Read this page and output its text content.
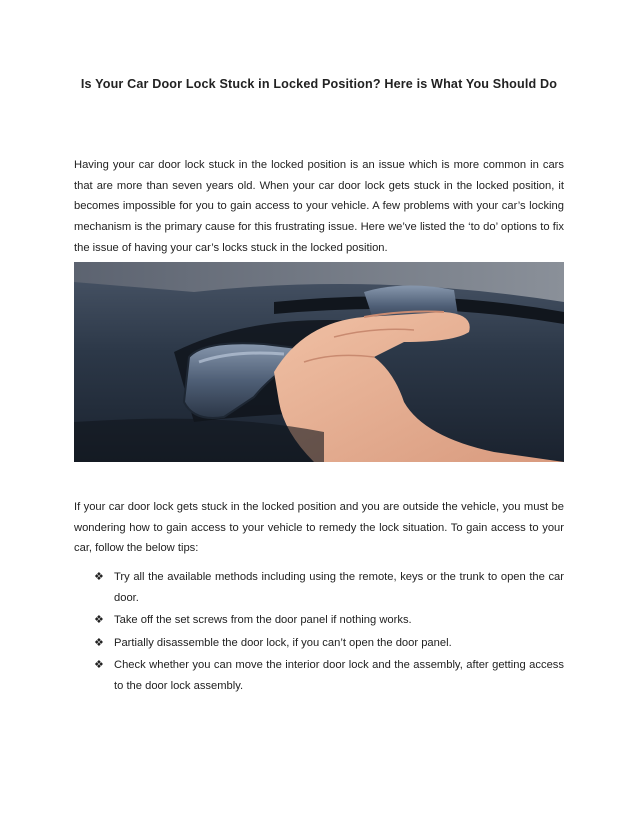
Is Your Car Door Lock Stuck in Locked Position? Here is What You Should Do

Having your car door lock stuck in the locked position is an issue which is more common in cars that are more than seven years old. When your car door lock gets stuck in the locked position, it becomes impossible for you to gain access to your vehicle. A few problems with your car’s locking mechanism is the primary cause for this frustrating issue. Here we’ve listed the ‘to do’ options to fix the issue of having your car’s locks stuck in the locked position.

If your car door lock gets stuck in the locked position and you are outside the vehicle, you must be wondering how to gain access to your vehicle to remedy the lock situation. To gain access to your car, follow the below tips:

❖ Try all the available methods including using the remote, keys or the trunk to open the car door.
❖ Take off the set screws from the door panel if nothing works.
❖ Partially disassemble the door lock, if you can’t open the door panel.
❖ Check whether you can move the interior door lock and the assembly, after getting access to the door lock assembly.
